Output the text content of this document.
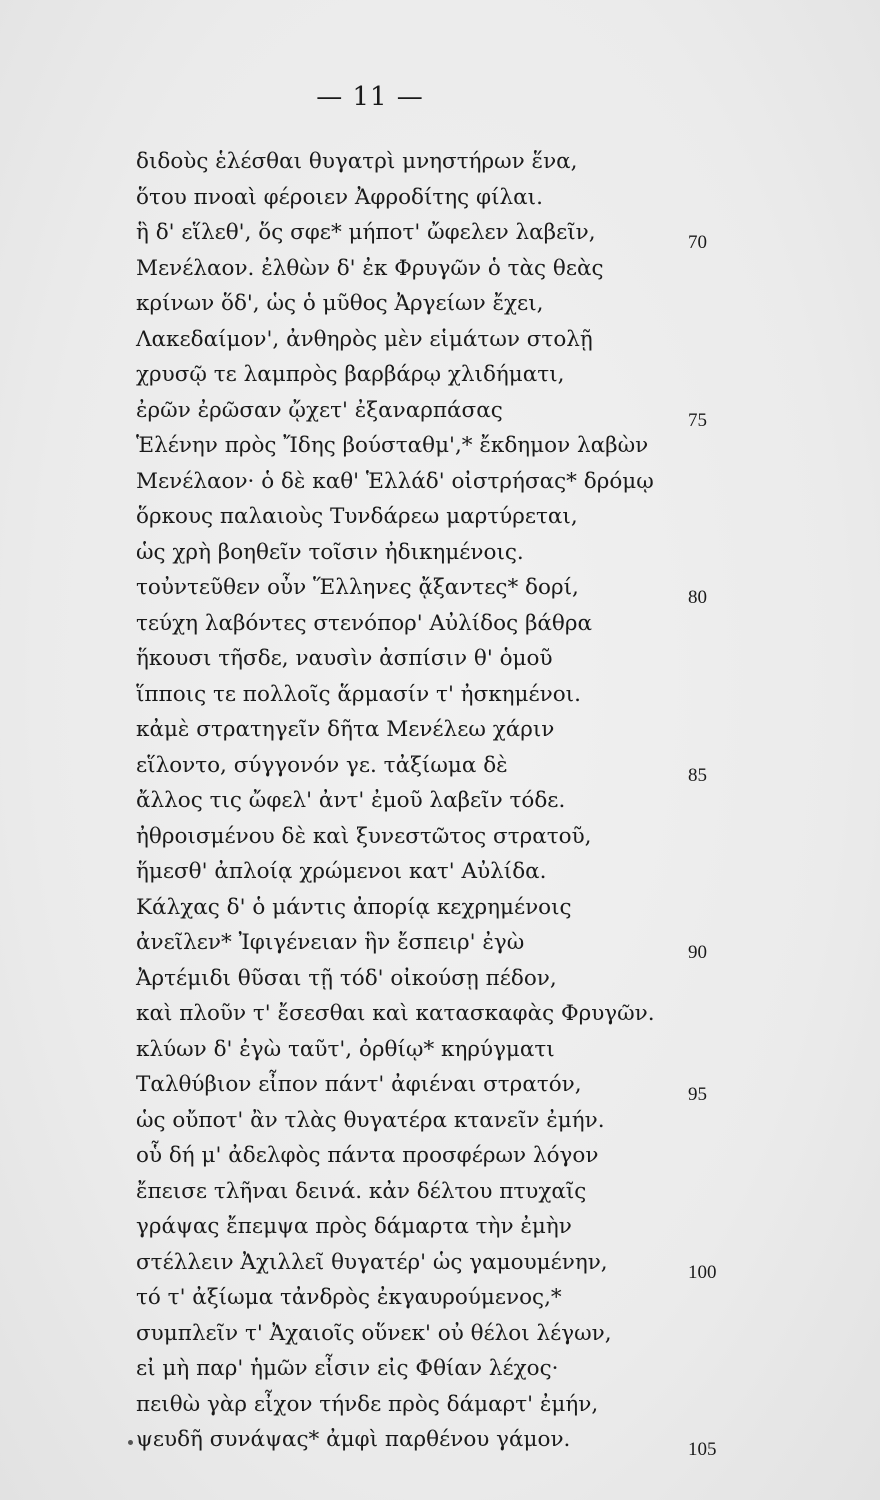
— 11 —
διδοὺς ἑλέσθαι θυγατρὶ μνηστήρων ἕνα,
ὅτου πνοαὶ φέροιεν Ἀφροδίτης φίλαι.
ἣ δ' εἵλεθ', ὅς σφε* μήποτ' ὤφελεν λαβεῖν,	70
Μενέλαον. ἐλθὼν δ' ἐκ Φρυγῶν ὁ τὰς θεὰς
κρίνων ὅδ', ὡς ὁ μῦθος Ἀργείων ἔχει,
Λακεδαίμον', ἀνθηρὸς μὲν εἱμάτων στολῇ
χρυσῷ τε λαμπρὸς βαρβάρῳ χλιδήματι,
ἐρῶν ἐρῶσαν ᾤχετ' ἐξαναρπάσας	75
Ἑλένην πρὸς Ἴδης βούσταθμ',* ἔκδημον λαβὼν
Μενέλαον· ὁ δὲ καθ' Ἑλλάδ' οἰστρήσας* δρόμῳ
ὅρκους παλαιοὺς Τυνδάρεω μαρτύρεται,
ὡς χρὴ βοηθεῖν τοῖσιν ἠδικημένοις.
τοὐντεῦθεν οὖν Ἕλληνες ᾄξαντες* δορί,	80
τεύχη λαβόντες στενόπορ' Αὐλίδος βάθρα
ἥκουσι τῆσδε, ναυσὶν ἀσπίσιν θ' ὁμοῦ
ἵπποις τε πολλοῖς ἅρμασίν τ' ἠσκημένοι.
κἀμὲ στρατηγεῖν δῆτα Μενέλεω χάριν
εἵλοντο, σύγγονόν γε. τἀξίωμα δὲ	85
ἄλλος τις ὤφελ' ἀντ' ἐμοῦ λαβεῖν τόδε.
ἠθροισμένου δὲ καὶ ξυνεστῶτος στρατοῦ,
ἥμεσθ' ἀπλοίᾳ χρώμενοι κατ' Αὐλίδα.
Κάλχας δ' ὁ μάντις ἀπορίᾳ κεχρημένοις
ἀνεῖλεν* Ἰφιγένειαν ἣν ἔσπειρ' ἐγὼ	90
Ἀρτέμιδι θῦσαι τῇ τόδ' οἰκούσῃ πέδον,
καὶ πλοῦν τ' ἔσεσθαι καὶ κατασκαφὰς Φρυγῶν.
κλύων δ' ἐγὼ ταῦτ', ὀρθίῳ* κηρύγματι
Ταλθύβιον εἶπον πάντ' ἀφιέναι στρατόν,	95
ὡς οὔποτ' ἂν τλὰς θυγατέρα κτανεῖν ἐμήν.
οὗ δή μ' ἀδελφὸς πάντα προσφέρων λόγον
ἔπεισε τλῆναι δεινά. κἀν δέλτου πτυχαῖς
γράψας ἔπεμψα πρὸς δάμαρτα τὴν ἐμὴν
στέλλειν Ἀχιλλεῖ θυγατέρ' ὡς γαμουμένην,	100
τό τ' ἀξίωμα τἀνδρὸς ἐκγαυρούμενος,*
συμπλεῖν τ' Ἀχαιοῖς οὕνεκ' οὐ θέλοι λέγων,
εἰ μὴ παρ' ἡμῶν εἶσιν εἰς Φθίαν λέχος·
πειθὼ γὰρ εἶχον τήνδε πρὸς δάμαρτ' ἐμήν,
ψευδῆ συνάψας* ἀμφὶ παρθένου γάμον.	105
